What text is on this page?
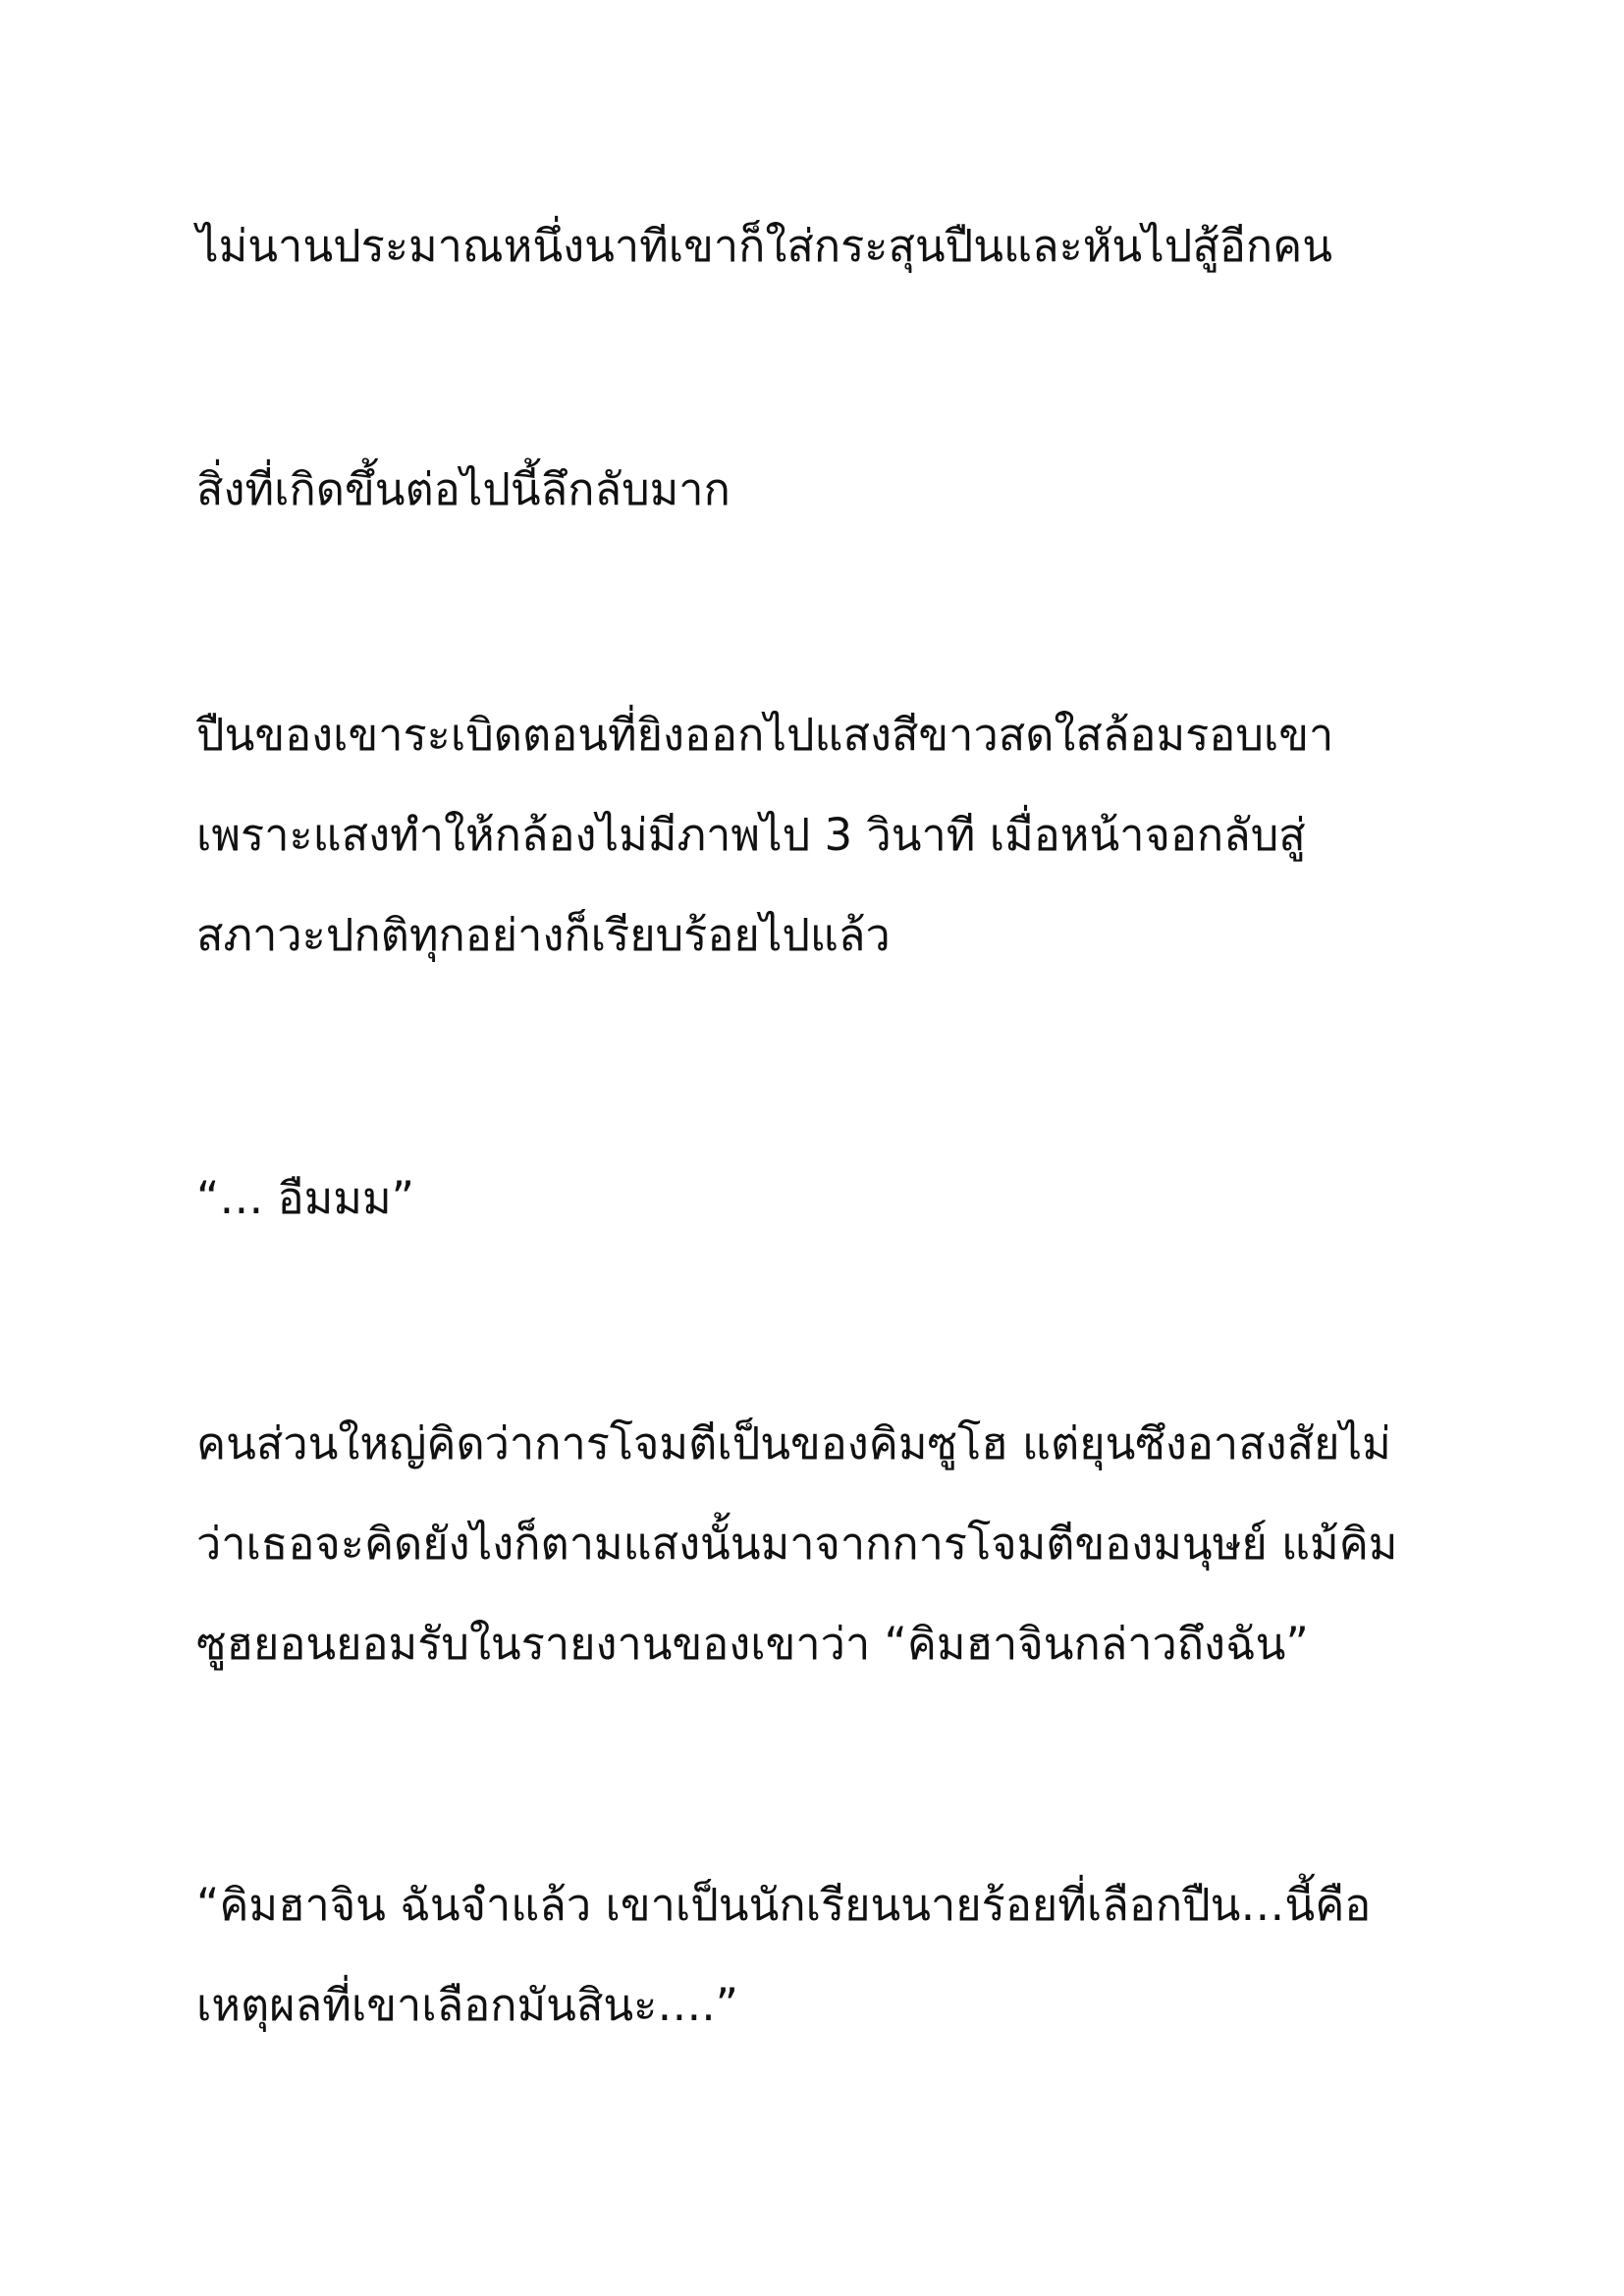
ไม่นานประมาณหนึ่งนาทีเขาก็ใส่กระสุนปืนและหันไปสู้อีกคน

สิ่งที่เกิดขึ้นต่อไปนี้ลึกลับมาก

ปืนของเขาระเบิดตอนที่ยิงออกไปแสงสีขาวสดใสล้อมรอบเขา
เพราะแสงทำให้กล้องไม่มีภาพไป 3 วินาที เมื่อหน้าจอกลับสู่
สภาวะปกติทุกอย่างก็เรียบร้อยไปแล้ว

“… อืมมม”

คนส่วนใหญ่คิดว่าการโจมตีเป็นของคิมซูโฮ แต่ยุนซึงอาสงสัยไม่
ว่าเธอจะคิดยังไงก็ตามแสงนั้นมาจากการโจมตีของมนุษย์ แม้คิม
ซูฮยอนยอมรับในรายงานของเขาว่า “คิมฮาจินกล่าวถึงฉัน”

“คิมฮาจิน ฉันจำแล้ว เขาเป็นนักเรียนนายร้อยที่เลือกปืน…นี้คือ
เหตุผลที่เขาเลือกมันสินะ….”
